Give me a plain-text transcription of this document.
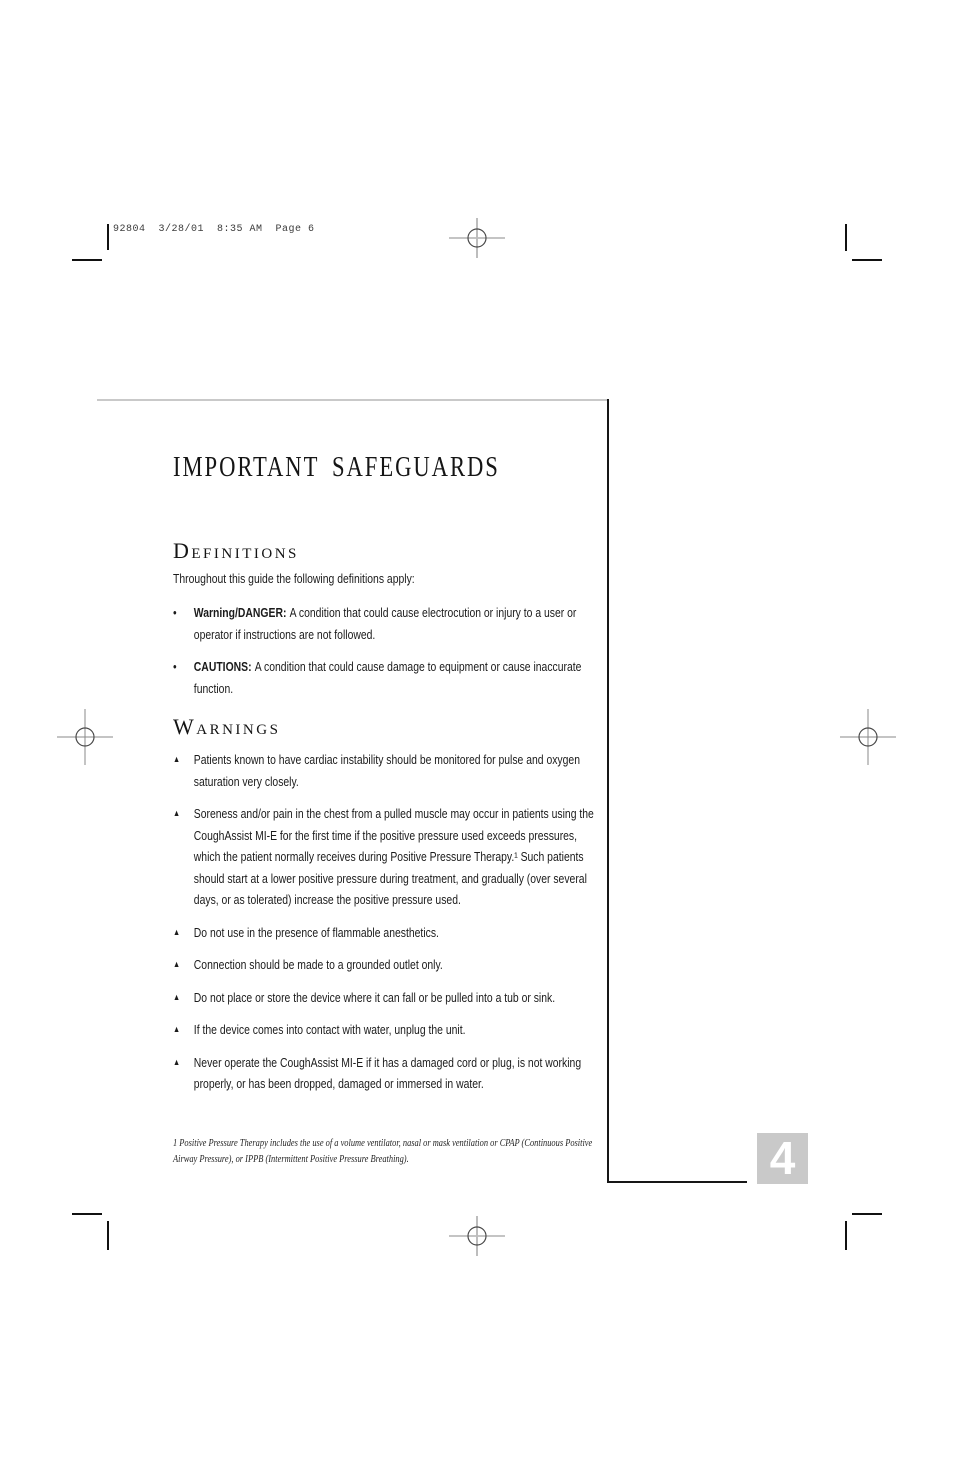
92804  3/28/01  8:35 AM  Page 6
4
IMPORTANT SAFEGUARDS
DEFINITIONS
Throughout this guide the following definitions apply:
•	Warning/DANGER: A condition that could cause electrocution or injury to a user or operator if instructions are not followed.
•	CAUTIONS: A condition that could cause damage to equipment or cause inaccurate function.
WARNINGS
▲	Patients known to have cardiac instability should be monitored for pulse and oxygen saturation very closely.
▲	Soreness and/or pain in the chest from a pulled muscle may occur in patients using the CoughAssist MI-E for the first time if the positive pressure used exceeds pressures, which the patient normally receives during Positive Pressure Therapy.¹ Such patients should start at a lower positive pressure during treatment, and gradually (over several days, or as tolerated) increase the positive pressure used.
▲	Do not use in the presence of flammable anesthetics.
▲	Connection should be made to a grounded outlet only.
▲	Do not place or store the device where it can fall or be pulled into a tub or sink.
▲	If the device comes into contact with water, unplug the unit.
▲	Never operate the CoughAssist MI-E if it has a damaged cord or plug, is not working properly, or has been dropped, damaged or immersed in water.
1 Positive Pressure Therapy includes the use of a volume ventilator, nasal or mask ventilation or CPAP (Continuous Positive Airway Pressure), or IPPB (Intermittent Positive Pressure Breathing).
